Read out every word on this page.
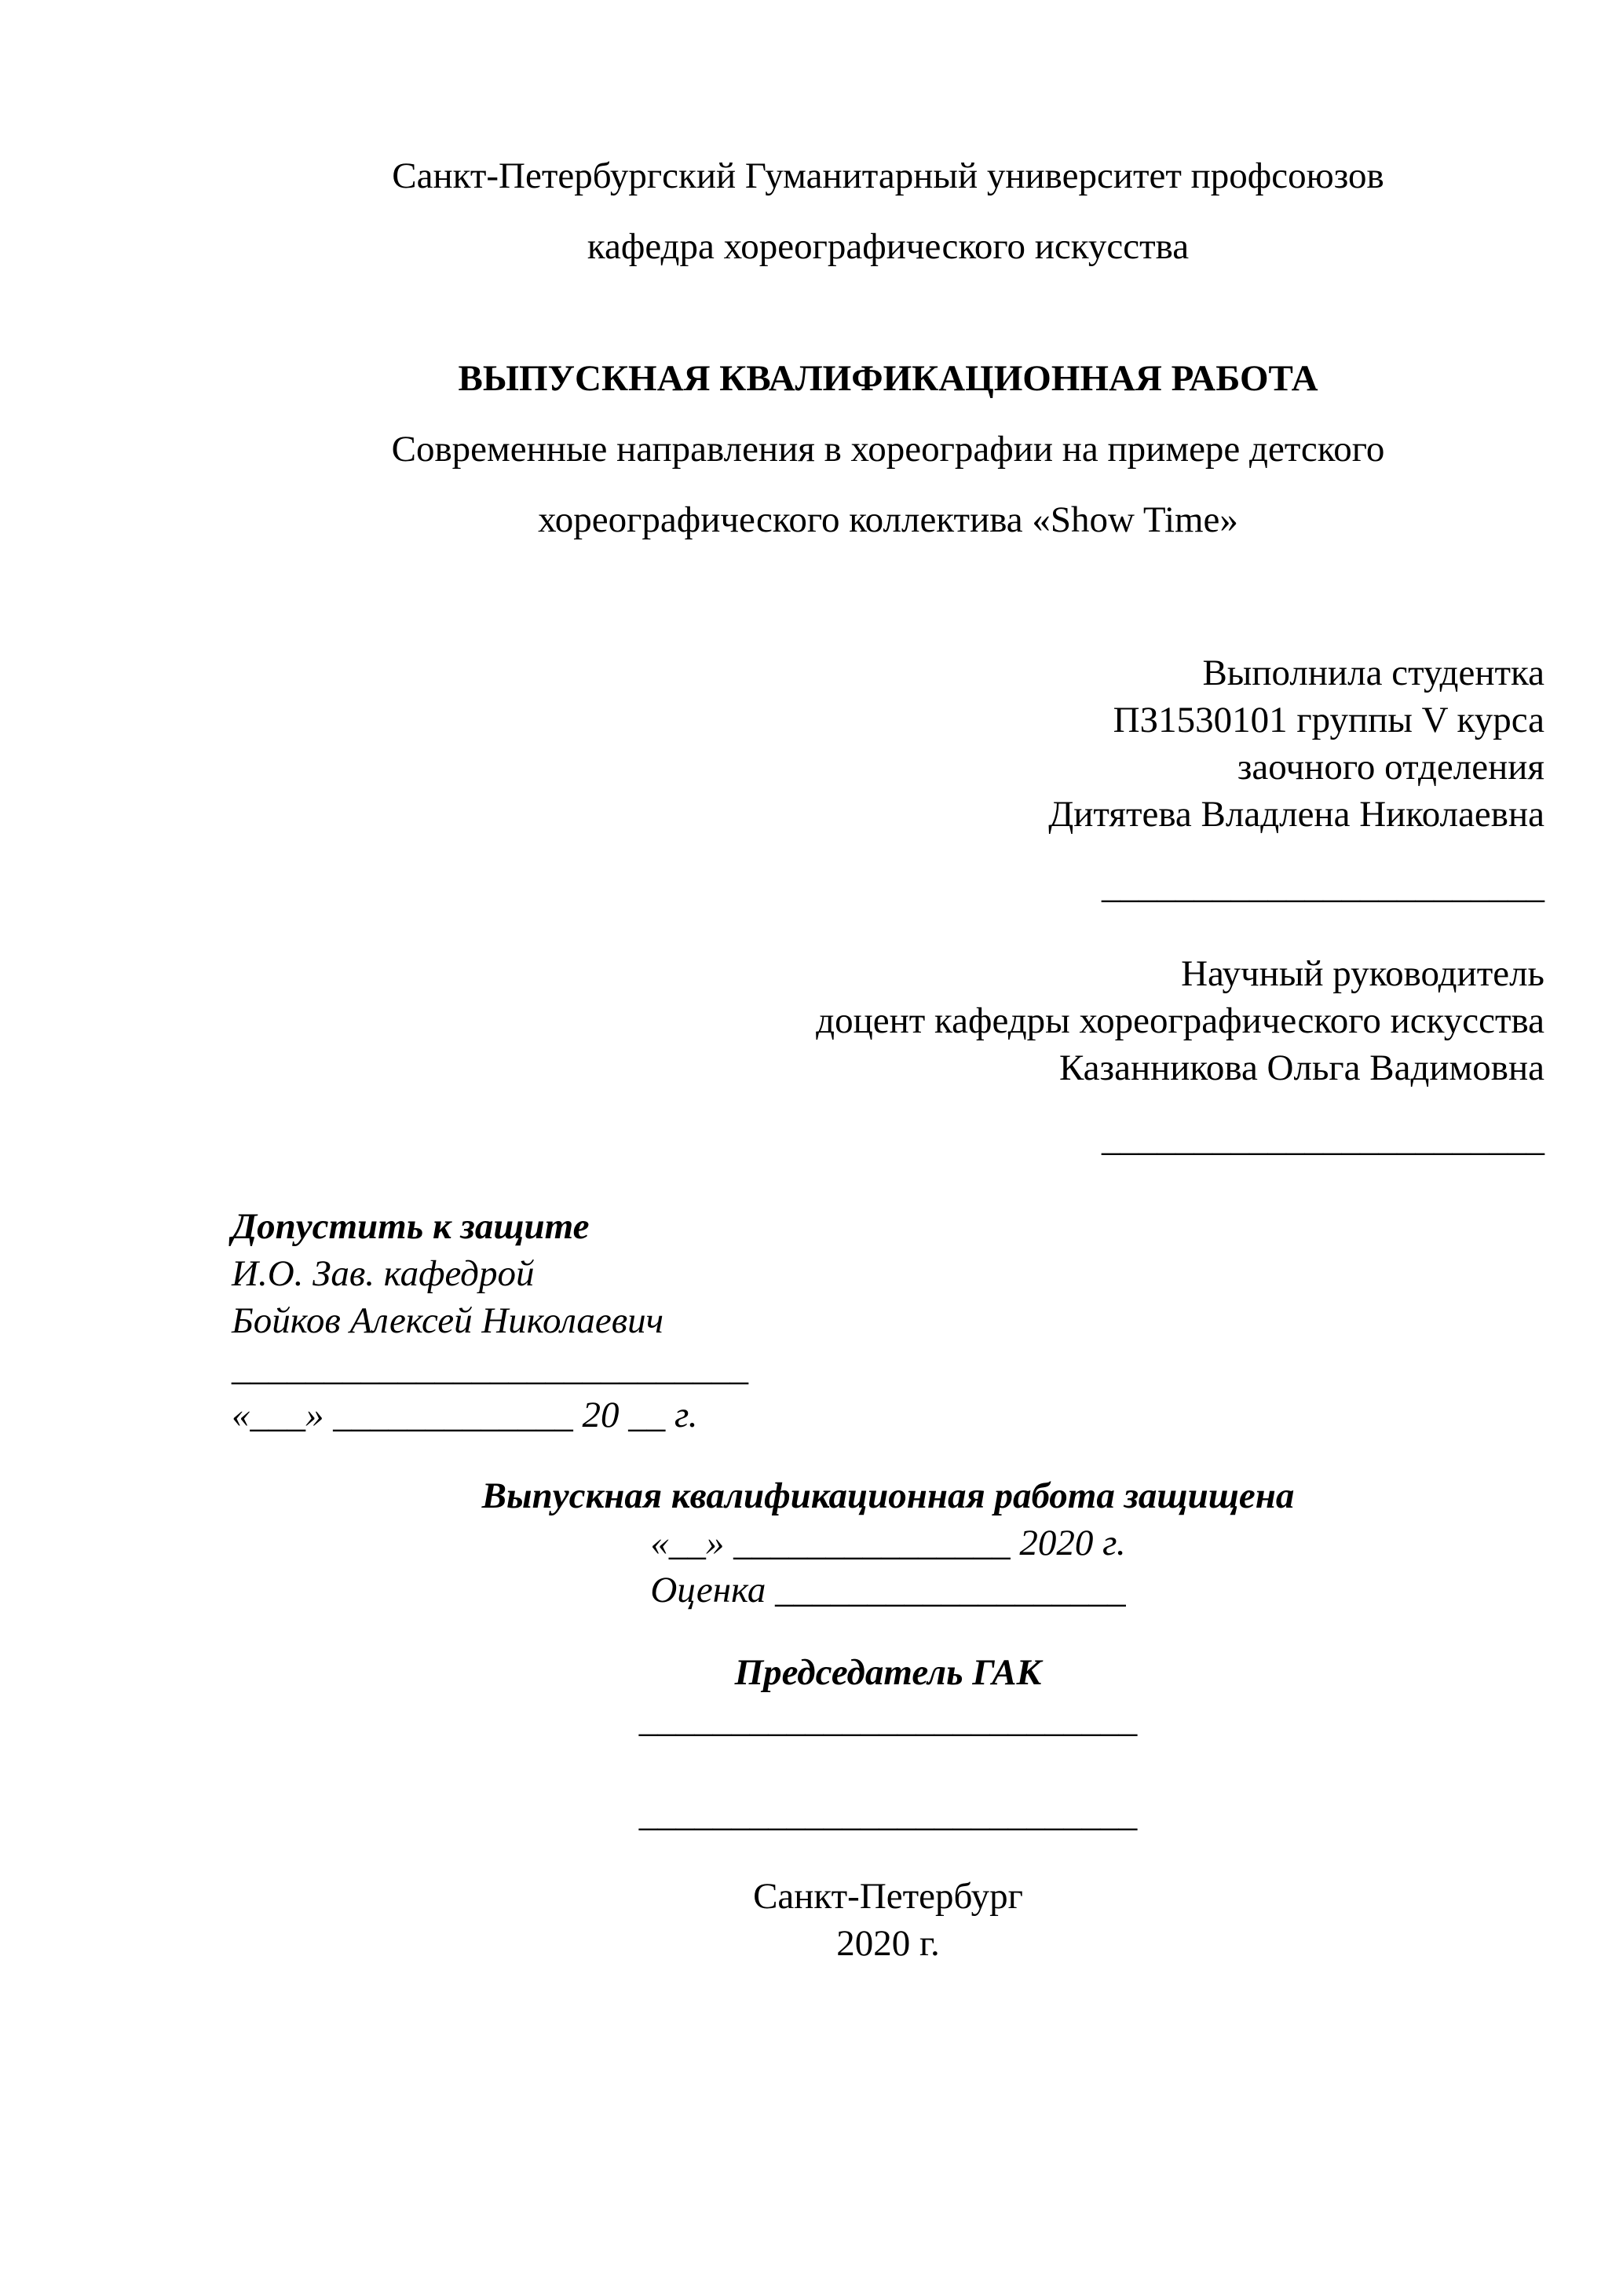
Санкт-Петербургский Гуманитарный университет профсоюзов

кафедра хореографического искусства

ВЫПУСКНАЯ КВАЛИФИКАЦИОННАЯ РАБОТА

Современные направления в хореографии на примере детского

хореографического коллектива «Show Time»

Выполнила студентка

ПЗ1530101 группы V курса

заочного отделения

Дитятева Владлена Николаевна

________________________

Научный руководитель

доцент кафедры хореографического искусства

Казанникова Ольга Вадимовна

________________________

Допустить к защите

И.О. Зав. кафедрой

Бойков Алексей Николаевич

____________________________

«___» _____________ 20 __ г.

Выпускная квалификационная работа защищена

«__» _______________ 2020 г.

Оценка ___________________

Председатель ГАК

___________________________

___________________________

Санкт-Петербург

2020 г.
